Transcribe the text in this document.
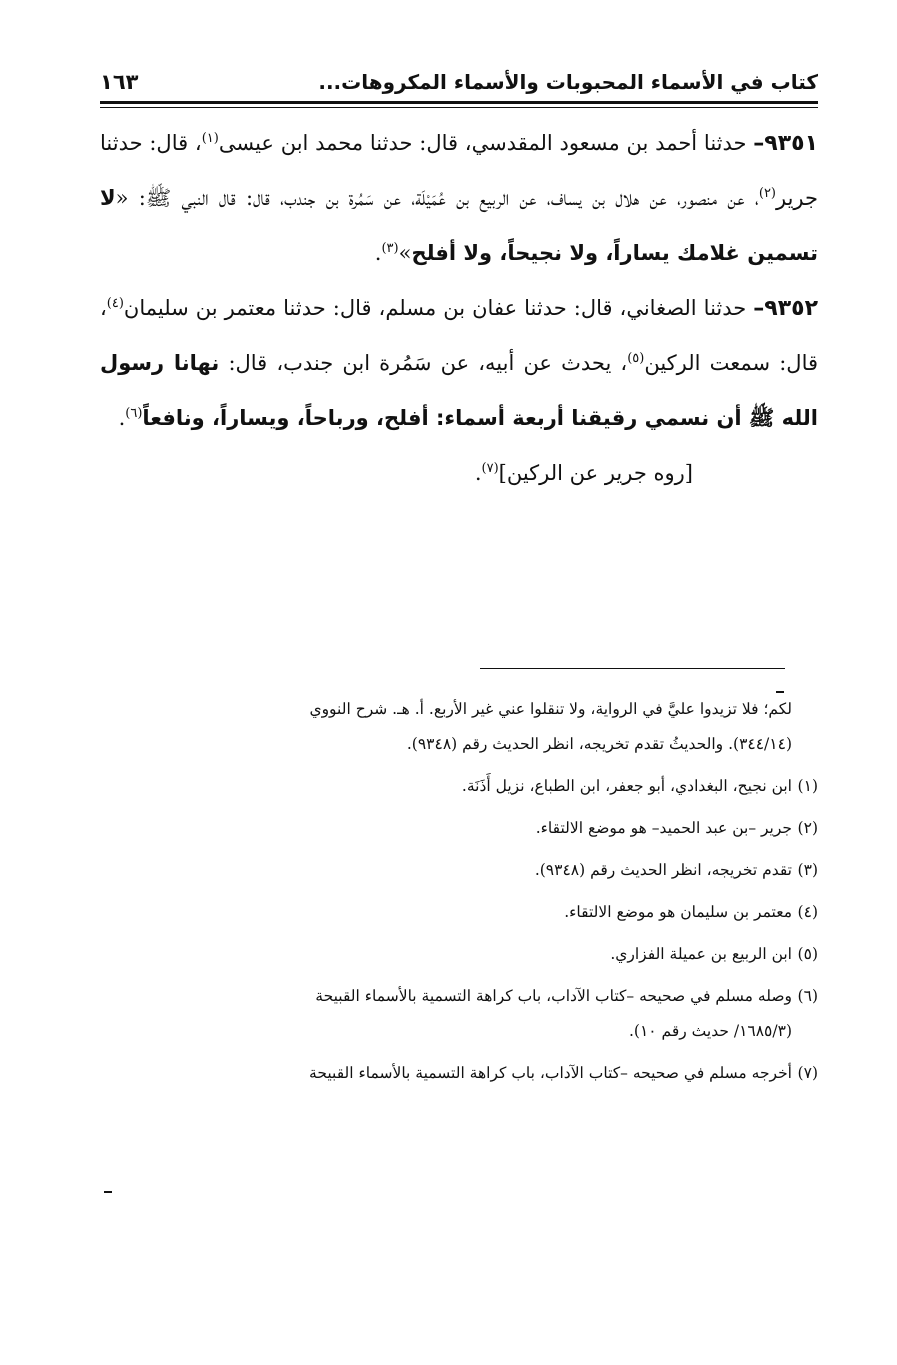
كتاب في الأسماء المحبوبات والأسماء المكروهات...
١٦٣

٩٣٥١– حدثنا أحمد بن مسعود المقدسي، قال: حدثنا محمد ابن عيسى$^{(١)}$، قال: حدثنا جرير$^{(٢)}$، عن منصور، عن هلال بن يساف، عن الربيع بن عُمَيْلَة، عن سَمُرة بن جندب، قال: قال النبي ﷺ: «لا تسمين غلامك يساراً، ولا نجيحاً، ولا أفلح»$^{(٣)}$.

٩٣٥٢– حدثنا الصغاني، قال: حدثنا عفان بن مسلم، قال: حدثنا معتمر بن سليمان$^{(٤)}$، قال: سمعت الركين$^{(٥)}$، يحدث عن أبيه، عن سَمُرة ابن جندب، قال: نهانا رسول الله ﷺ أن نسمي رقيقنا أربعة أسماء: أفلح، ورباحاً، ويساراً، ونافعاً$^{(٦)}$.

[روه جرير عن الركين]$^{(٧)}$.

لكم؛ فلا تزيدوا عليَّ في الرواية، ولا تنقلوا عني غير الأربع. أ. هـ. شرح النووي
(٣٤٤/١٤). والحديثُ تقدم تخريجه، انظر الحديث رقم (٩٣٤٨).

(١)ابن نجيح، البغدادي، أبو جعفر، ابن الطباع، نزيل أَذَنَة.

(٢)جرير –بن عبد الحميد– هو موضع الالتقاء.

(٣)تقدم تخريجه، انظر الحديث رقم (٩٣٤٨).

(٤)معتمر بن سليمان هو موضع الالتقاء.

(٥)ابن الربيع بن عميلة الفزاري.

(٦)وصله مسلم في صحيحه –كتاب الآداب، باب كراهة التسمية بالأسماء القبيحة
(١٦٨٥/٣/ حديث رقم ١٠).

(٧)أخرجه مسلم في صحيحه –كتاب الآداب، باب كراهة التسمية بالأسماء القبيحة
